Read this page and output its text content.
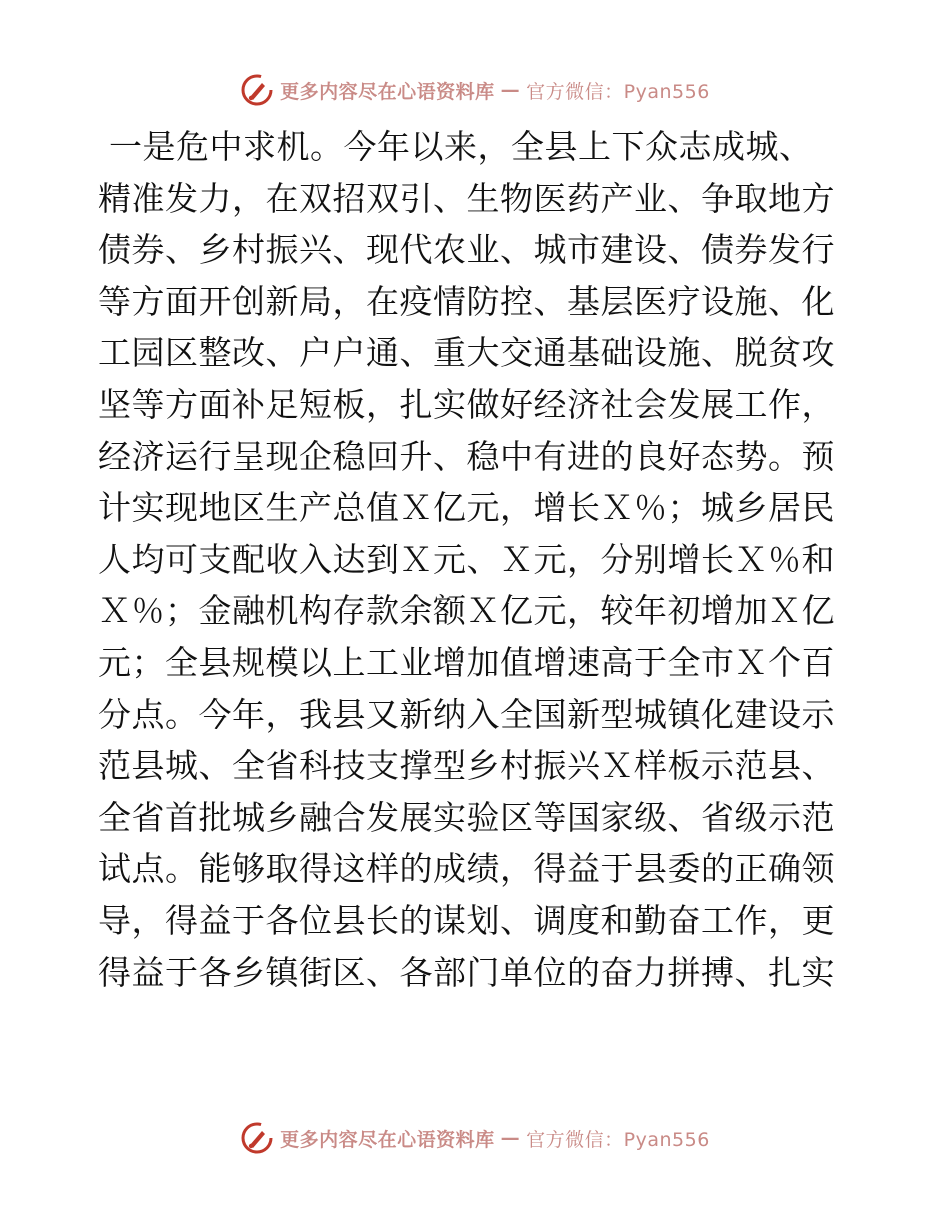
更多内容尽在心语资料库 — 官方微信：Pyan556
一是危中求机。今年以来，全县上下众志成城、
精准发力，在双招双引、生物医药产业、争取地方
债券、乡村振兴、现代农业、城市建设、债券发行
等方面开创新局，在疫情防控、基层医疗设施、化
工园区整改、户户通、重大交通基础设施、脱贫攻
坚等方面补足短板，扎实做好经济社会发展工作，
经济运行呈现企稳回升、稳中有进的良好态势。预
计实现地区生产总值Ｘ亿元，增长Ｘ％；城乡居民
人均可支配收入达到Ｘ元、Ｘ元，分别增长Ｘ％和
Ｘ％；金融机构存款余额Ｘ亿元，较年初增加Ｘ亿
元；全县规模以上工业增加值增速高于全市Ｘ个百
分点。今年，我县又新纳入全国新型城镇化建设示
范县城、全省科技支撑型乡村振兴Ｘ样板示范县、
全省首批城乡融合发展实验区等国家级、省级示范
试点。能够取得这样的成绩，得益于县委的正确领
导，得益于各位县长的谋划、调度和勤奋工作，更
得益于各乡镇街区、各部门单位的奋力拼搏、扎实
更多内容尽在心语资料库 — 官方微信：Pyan556
